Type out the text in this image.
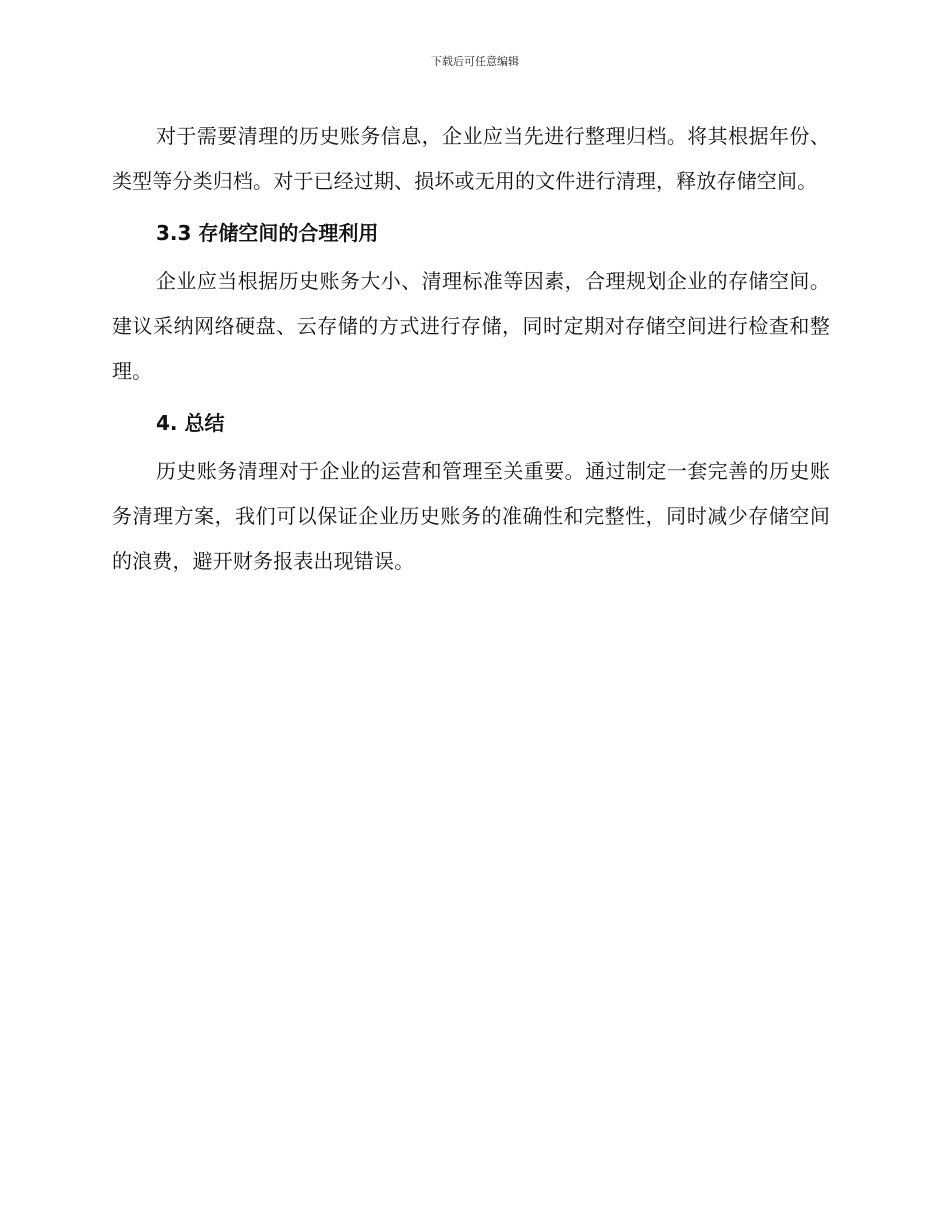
下载后可任意编辑

对于需要清理的历史账务信息，企业应当先进行整理归档。将其根据年份、类型等分类归档。对于已经过期、损坏或无用的文件进行清理，释放存储空间。

3.3 存储空间的合理利用

企业应当根据历史账务大小、清理标准等因素，合理规划企业的存储空间。建议采纳网络硬盘、云存储的方式进行存储，同时定期对存储空间进行检查和整理。

4. 总结

历史账务清理对于企业的运营和管理至关重要。通过制定一套完善的历史账务清理方案，我们可以保证企业历史账务的准确性和完整性，同时减少存储空间的浪费，避开财务报表出现错误。
